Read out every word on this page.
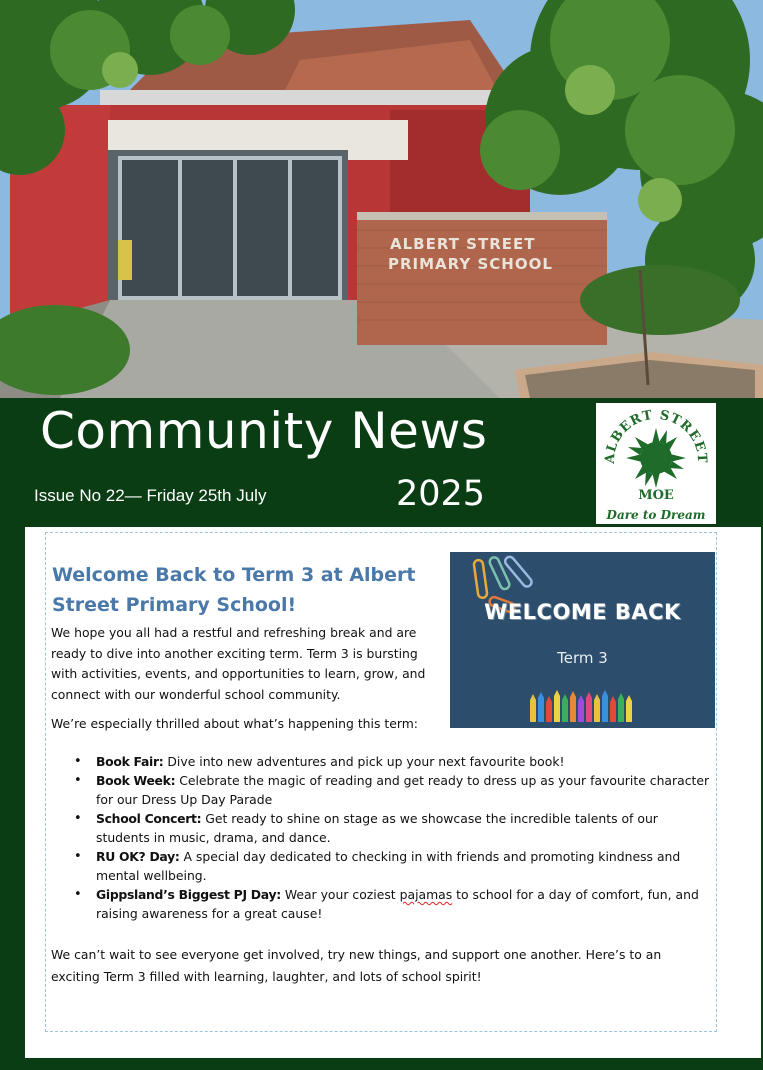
ALBERT STREET
PRIMARY SCHOOL
Community News
Issue No 22— Friday 25th July	2025
ALBERT STREET
MOE
Dare to Dream
Welcome Back to Term 3 at Albert Street Primary School!

We hope you all had a restful and refreshing break and are ready to dive into another exciting term. Term 3 is bursting with activities, events, and opportunities to learn, grow, and connect with our wonderful school community.

We’re especially thrilled about what’s happening this term:

WELCOME BACK
Term 3
• Book Fair: Dive into new adventures and pick up your next favourite book!
• Book Week: Celebrate the magic of reading and get ready to dress up as your favourite character for our Dress Up Day Parade
• School Concert: Get ready to shine on stage as we showcase the incredible talents of our students in music, drama, and dance.
• RU OK? Day: A special day dedicated to checking in with friends and promoting kindness and mental wellbeing.
• Gippsland’s Biggest PJ Day: Wear your coziest pajamas to school for a day of comfort, fun, and raising awareness for a great cause!

We can’t wait to see everyone get involved, try new things, and support one another. Here’s to an exciting Term 3 filled with learning, laughter, and lots of school spirit!
